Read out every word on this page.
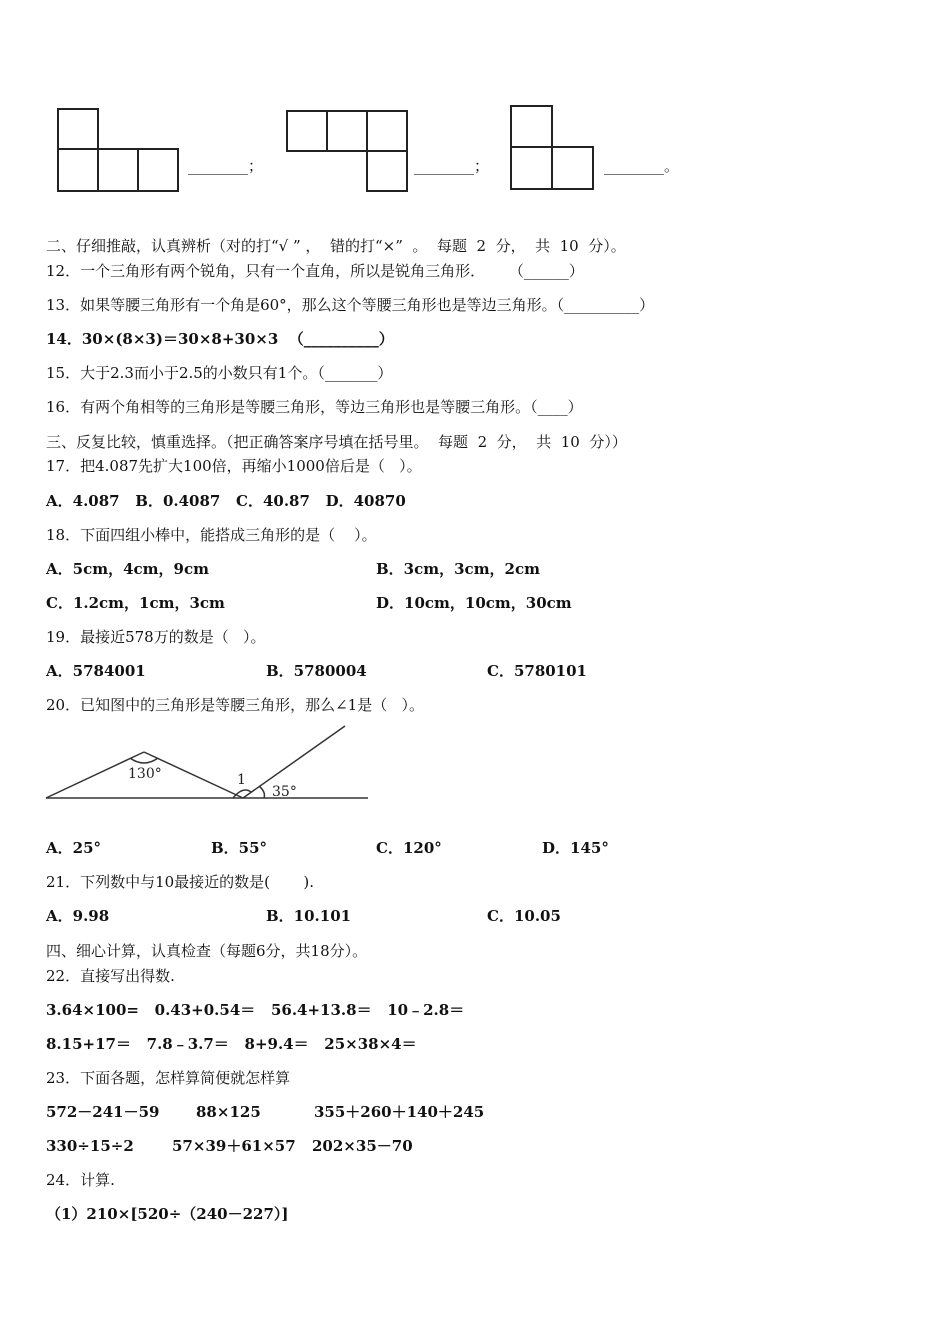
________；	________；	________。
二、仔细推敲，认真辨析（对的打“√ ” ，  错的打“×”  。  每题  2  分，  共  10  分）。
12．一个三角形有两个锐角，只有一个直角，所以是锐角三角形．     （______）
13．如果等腰三角形有一个角是60°，那么这个等腰三角形也是等边三角形。（__________）
14．30×(8×3)＝30×8+30×3  （__________）
15．大于2.3而小于2.5的小数只有1个。（_______）
16．有两个角相等的三角形是等腰三角形，等边三角形也是等腰三角形。（____）
三、反复比较，慎重选择。（把正确答案序号填在括号里。  每题  2  分，  共  10  分））
17．把4.087先扩大100倍，再缩小1000倍后是（   ）。
A．4.087   B．0.4087   C．40.87   D．40870
18．下面四组小棒中，能搭成三角形的是（    ）。
A．5cm，4cm，9cm	B．3cm，3cm，2cm
C．1.2cm，1cm，3cm	D．10cm，10cm，30cm
19．最接近578万的数是（   ）。
A．5784001	B．5780004	C．5780101
20．已知图中的三角形是等腰三角形，那么∠1是（   ）。
130°	1
35°
A．25°	B．55°	C．120°	D．145°
21．下列数中与10最接近的数是(       ).
A．9.98	B．10.101	C．10.05
四、细心计算，认真检查（每题6分，共18分）。
22．直接写出得数.
3.64×100=   0.43+0.54＝   56.4+13.8＝   10﹣2.8＝
8.15+17＝   7.8﹣3.7＝   8+9.4＝   25×38×4＝
23．下面各题，怎样算简便就怎样算
572－241－59 88×125	355＋260＋140＋245
330÷15÷2	57×39＋61×57 202×35－70
24．计算.
（1）210×[520÷（240－227）]
